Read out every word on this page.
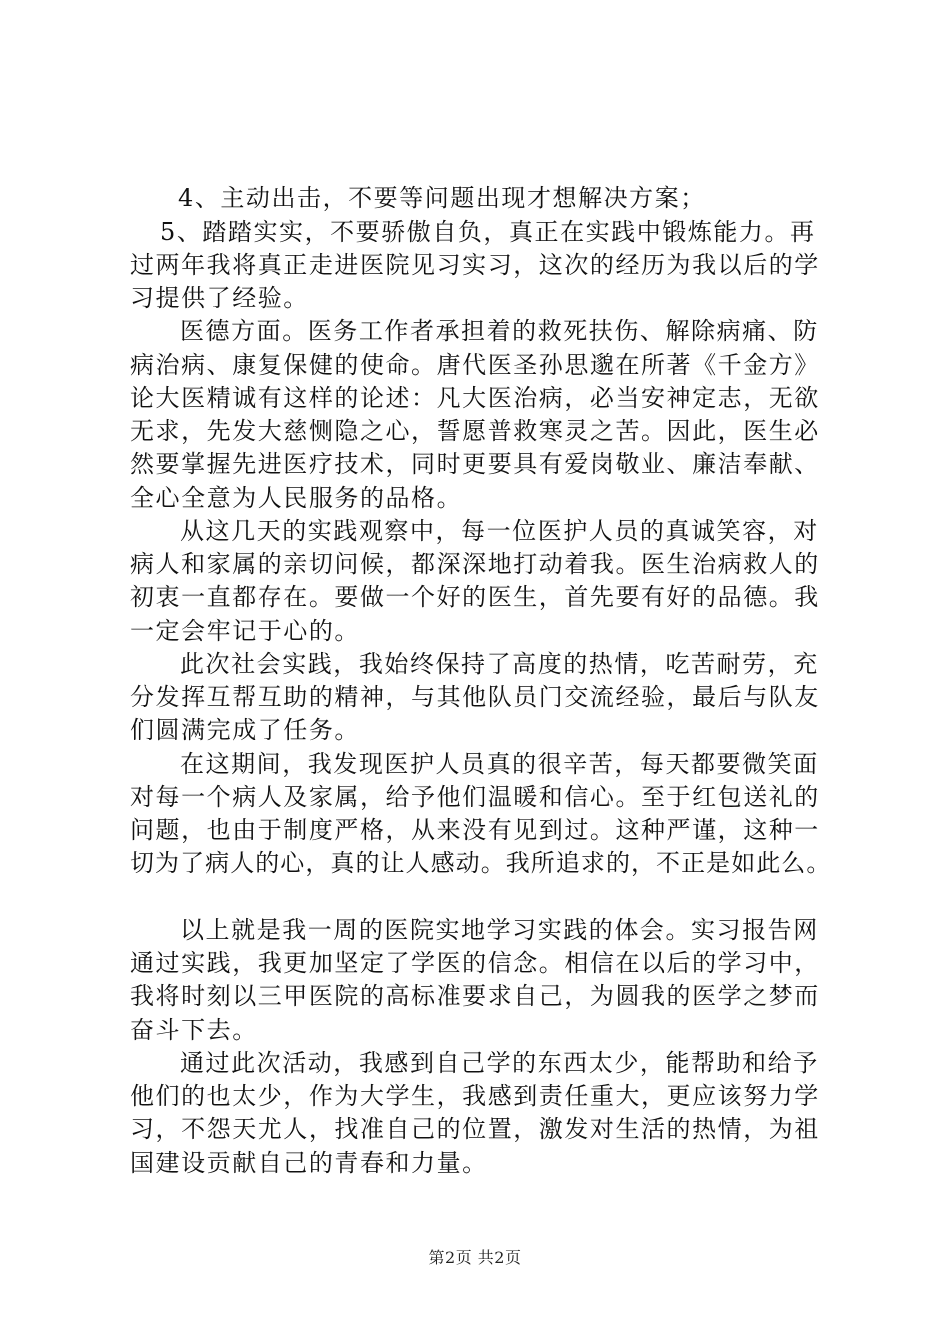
4、主动出击，不要等问题出现才想解决方案；
5、踏踏实实，不要骄傲自负，真正在实践中锻炼能力。再
过两年我将真正走进医院见习实习，这次的经历为我以后的学
习提供了经验。
医德方面。医务工作者承担着的救死扶伤、解除病痛、防
病治病、康复保健的使命。唐代医圣孙思邈在所著《千金方》
论大医精诚有这样的论述：凡大医治病，必当安神定志，无欲
无求，先发大慈恻隐之心，誓愿普救寒灵之苦。因此，医生必
然要掌握先进医疗技术，同时更要具有爱岗敬业、廉洁奉献、
全心全意为人民服务的品格。
从这几天的实践观察中，每一位医护人员的真诚笑容，对
病人和家属的亲切问候，都深深地打动着我。医生治病救人的
初衷一直都存在。要做一个好的医生，首先要有好的品德。我
一定会牢记于心的。
此次社会实践，我始终保持了高度的热情，吃苦耐劳，充
分发挥互帮互助的精神，与其他队员门交流经验，最后与队友
们圆满完成了任务。
在这期间，我发现医护人员真的很辛苦，每天都要微笑面
对每一个病人及家属，给予他们温暖和信心。至于红包送礼的
问题，也由于制度严格，从来没有见到过。这种严谨，这种一
切为了病人的心，真的让人感动。我所追求的，不正是如此么。
以上就是我一周的医院实地学习实践的体会。实习报告网
通过实践，我更加坚定了学医的信念。相信在以后的学习中，
我将时刻以三甲医院的高标准要求自己，为圆我的医学之梦而
奋斗下去。
通过此次活动，我感到自己学的东西太少，能帮助和给予
他们的也太少，作为大学生，我感到责任重大，更应该努力学
习，不怨天尤人，找准自己的位置，激发对生活的热情，为祖
国建设贡献自己的青春和力量。
第2页 共2页
